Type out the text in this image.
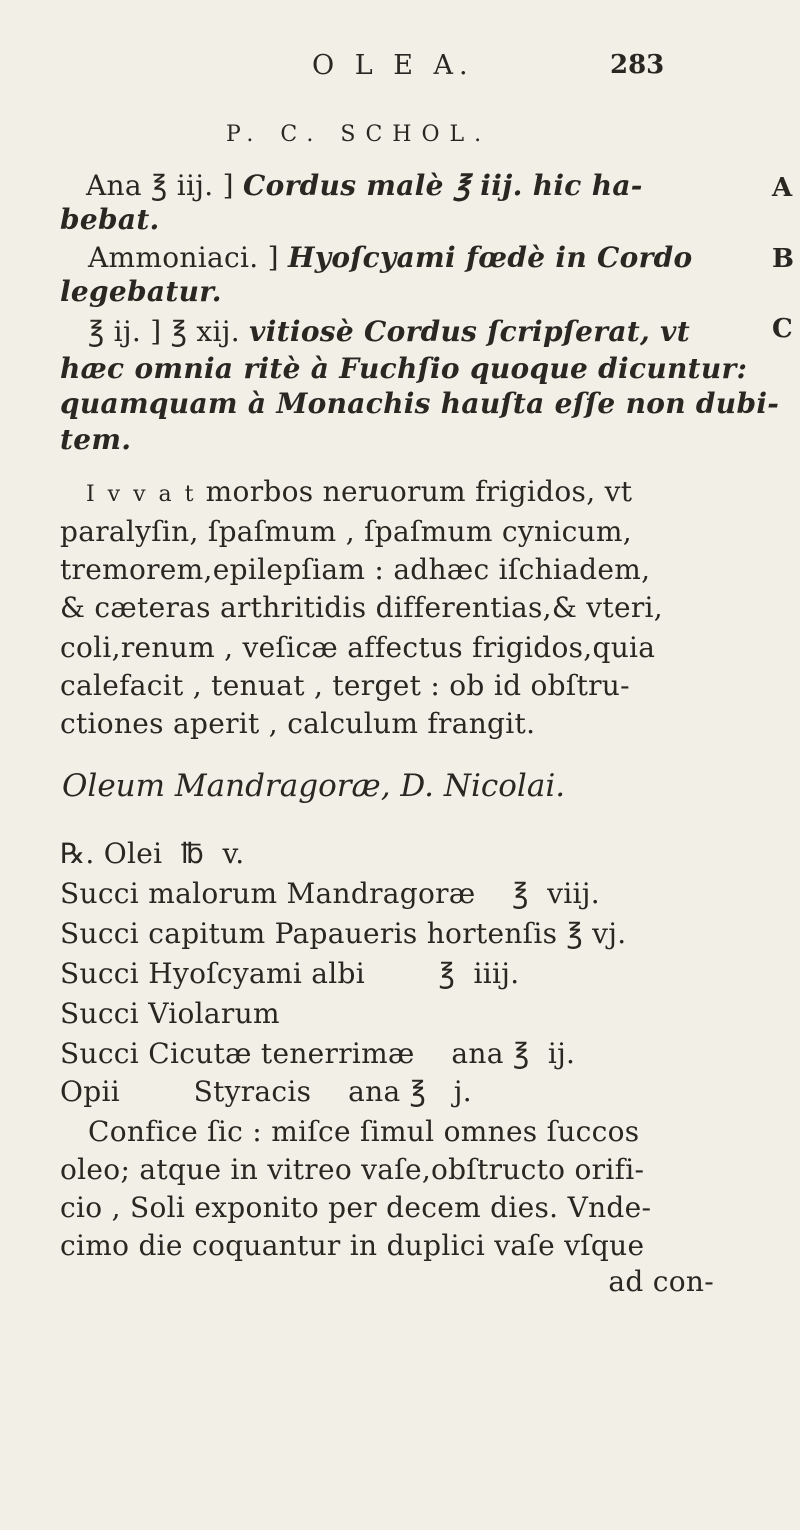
O L E A.	283
P. C. SCHOL.
A
B
C

Ana ℥ iij. ] Cordus malè ℥ iij. hic ha-

bebat.

Ammoniaci. ] Hyoſcyami fœdè in Cordo

legebatur.

℥ ij. ] ℥ xij. vitiosè Cordus ſcripſerat, vt

hæc omnia ritè à Fuchſio quoque dicuntur:

quamquam à Monachis hauſta eſſe non dubi-

tem.

I v v a t morbos neruorum frigidos, vt

paralyſin, ſpaſmum , ſpaſmum cynicum,

tremorem,epilepſiam : adhæc iſchiadem,

& cæteras arthritidis differentias,& vteri,

coli,renum , veſicæ affectus frigidos,quia

calefacit , tenuat , terget : ob id obſtru-

ctiones aperit , calculum frangit.

Oleum Mandragoræ, D. Nicolai.

℞. Olei  ℔  v.

Succi malorum Mandragoræ    ℥  viij.

Succi capitum Papaueris hortenſis ℥ vj.

Succi Hyoſcyami albi        ℥  iiij.

Succi Violarum

Succi Cicutæ tenerrimæ    ana ℥  ij.

Opii        Styracis    ana ℥   j.

Confice ſic : miſce ſimul omnes ſuccos

oleo; atque in vitreo vaſe,obſtructo orifi-

cio , Soli exponito per decem dies. Vnde-

cimo die coquantur in duplici vaſe vſque

ad con-
